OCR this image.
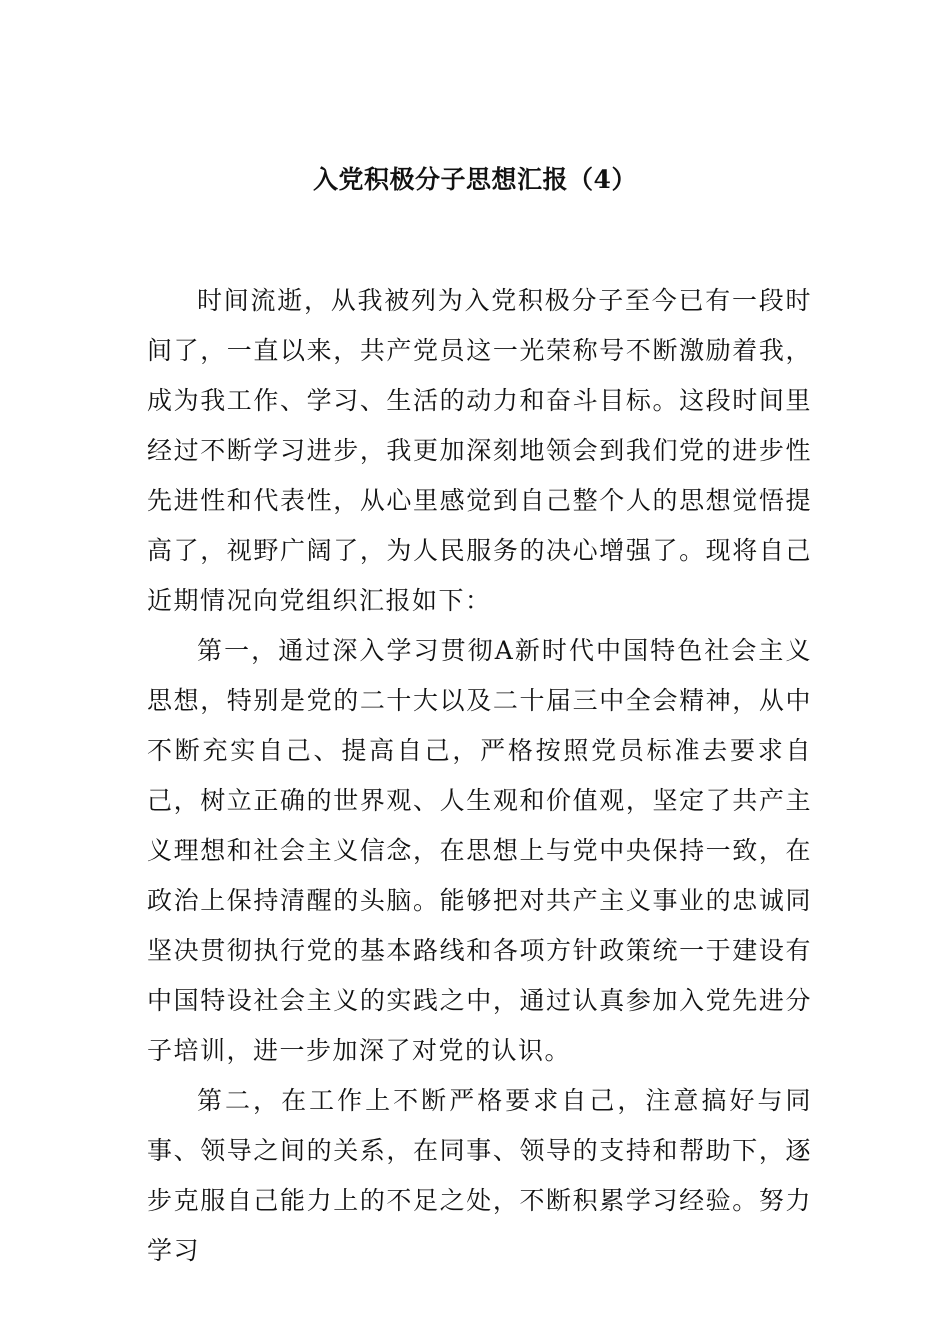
入党积极分子思想汇报（4）

时间流逝，从我被列为入党积极分子至今已有一段时间了，一直以来，共产党员这一光荣称号不断激励着我，成为我工作、学习、生活的动力和奋斗目标。这段时间里经过不断学习进步，我更加深刻地领会到我们党的进步性先进性和代表性，从心里感觉到自己整个人的思想觉悟提高了，视野广阔了，为人民服务的决心增强了。现将自己近期情况向党组织汇报如下：

第一，通过深入学习贯彻A新时代中国特色社会主义思想，特别是党的二十大以及二十届三中全会精神，从中不断充实自己、提高自己，严格按照党员标准去要求自己，树立正确的世界观、人生观和价值观，坚定了共产主义理想和社会主义信念，在思想上与党中央保持一致，在政治上保持清醒的头脑。能够把对共产主义事业的忠诚同坚决贯彻执行党的基本路线和各项方针政策统一于建设有中国特设社会主义的实践之中，通过认真参加入党先进分子培训，进一步加深了对党的认识。

第二，在工作上不断严格要求自己，注意搞好与同事、领导之间的关系，在同事、领导的支持和帮助下，逐步克服自己能力上的不足之处，不断积累学习经验。努力学习
